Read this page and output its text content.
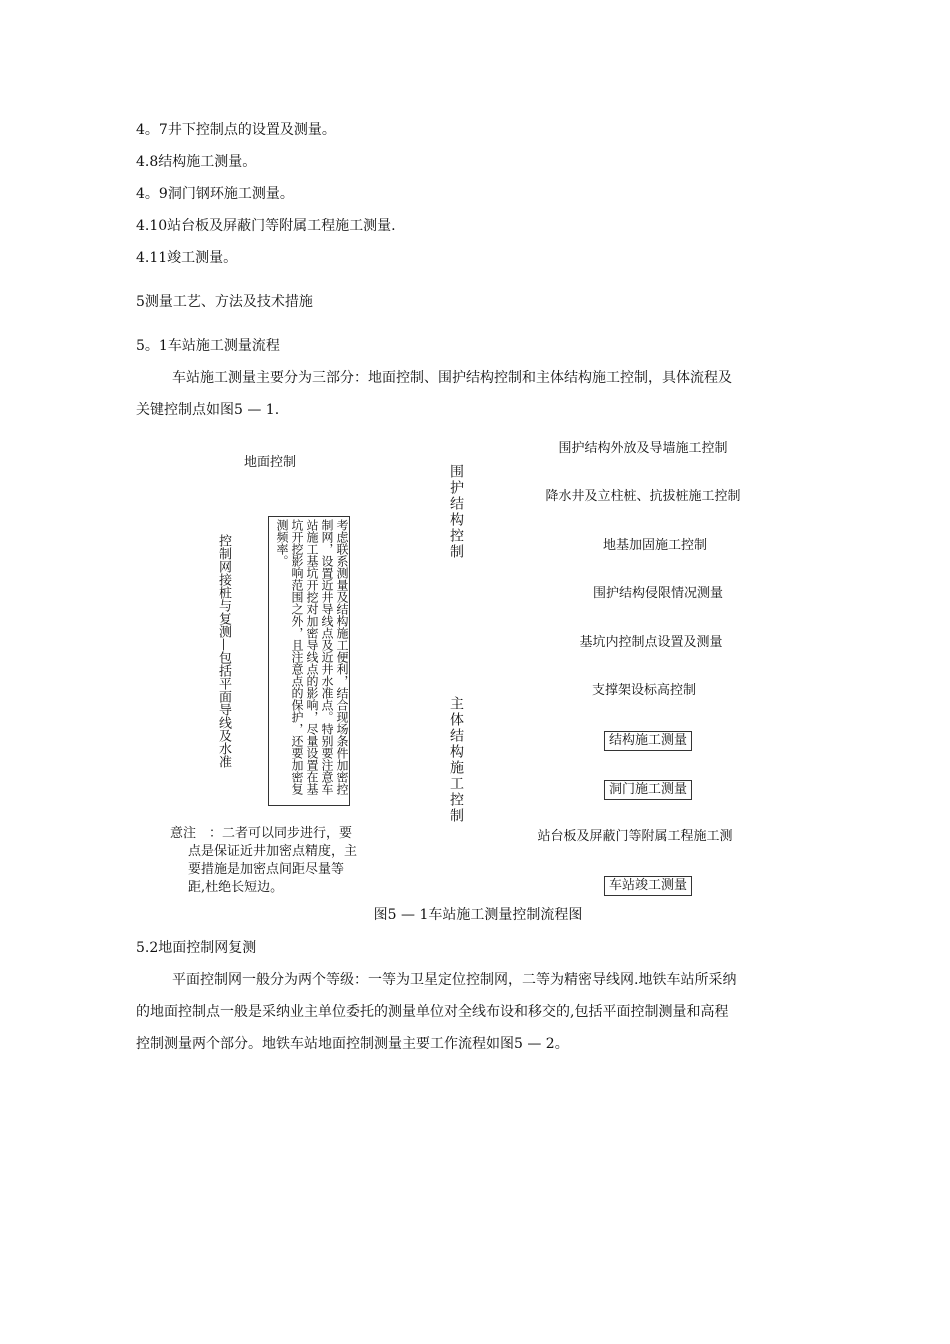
4。7井下控制点的设置及测量。
4.8结构施工测量。
4。9洞门钢环施工测量。
4.10站台板及屏蔽门等附属工程施工测量.
4.11竣工测量。
5测量工艺、方法及技术措施
5。1车站施工测量流程
车站施工测量主要分为三部分：地面控制、围护结构控制和主体结构施工控制，具体流程及
关键控制点如图5 — 1.
地面控制
控制网接桩与复测—包括平面导线及水准	考虑联系测量及结构施工便利，结合现场条件加密控制网，设置近井导线点及近井水准点。特别要注意车站施工基坑开挖对加密导线点的影响，尽量设置在基坑开挖影响范围之外，且注意点的保护，还要加密复测频率。	围护结构控制
主体结构施工控制
围护结构外放及导墙施工控制
降水井及立柱桩、抗拔桩施工控制
地基加固施工控制
围护结构侵限情况测量
基坑内控制点设置及测量
支撑架设标高控制
结构施工测量
洞门施工测量
站台板及屏蔽门等附属工程施工测
车站竣工测量
意注　：二者可以同步进行，要
点是保证近井加密点精度，主
要措施是加密点间距尽量等
距,杜绝长短边。
图5 — 1车站施工测量控制流程图
5.2地面控制网复测
平面控制网一般分为两个等级：一等为卫星定位控制网，二等为精密导线网.地铁车站所采纳
的地面控制点一般是采纳业主单位委托的测量单位对全线布设和移交的,包括平面控制测量和高程
控制测量两个部分。地铁车站地面控制测量主要工作流程如图5 — 2。
